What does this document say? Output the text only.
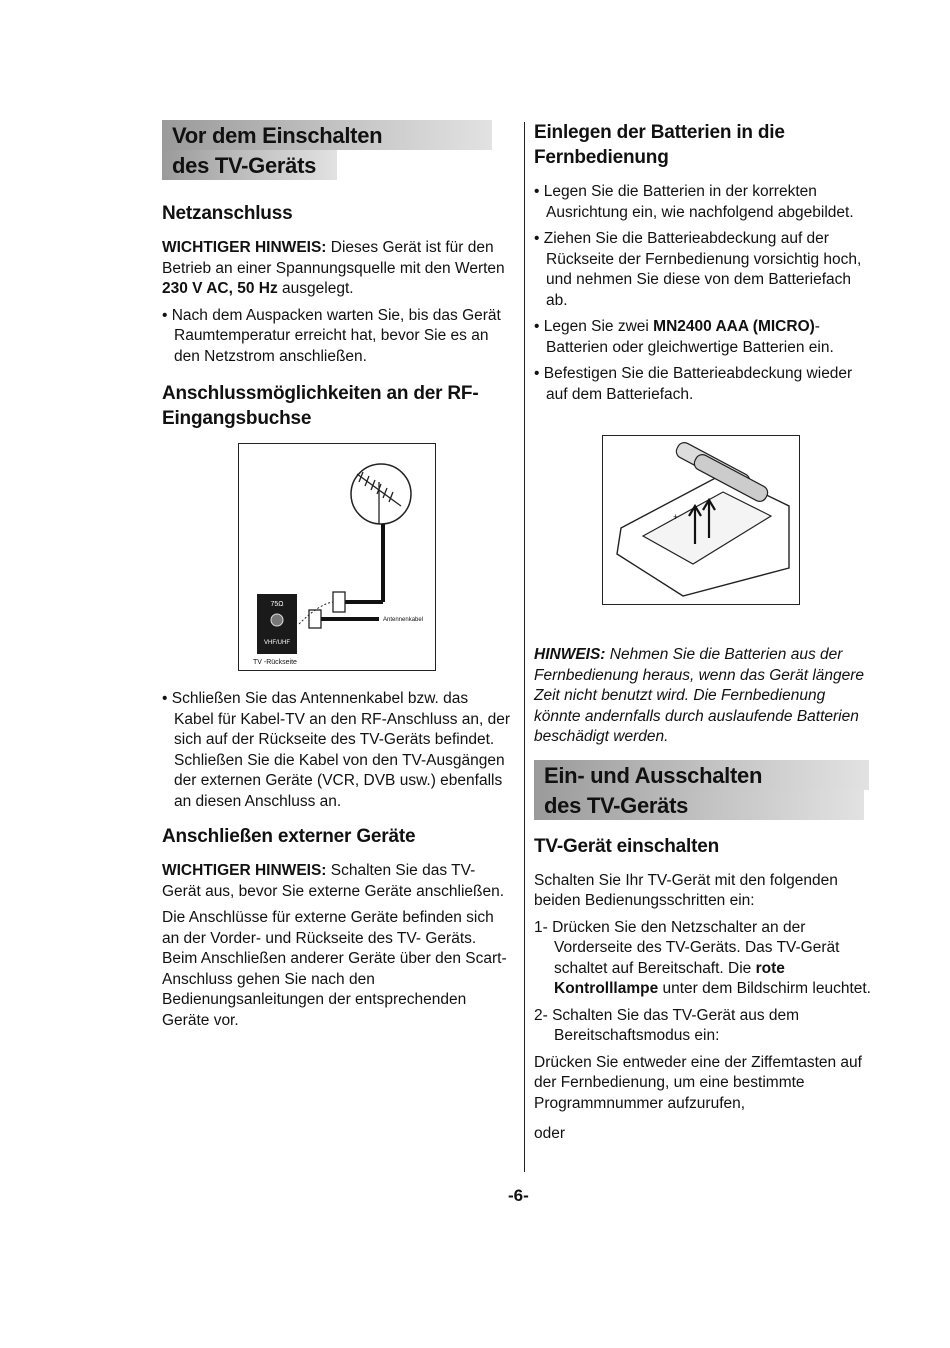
Vor dem Einschalten
des TV-Geräts
Netzanschluss

WICHTIGER HINWEIS: Dieses Gerät ist für den Betrieb an einer Spannungsquelle mit den Werten 230 V AC, 50 Hz ausgelegt.

• Nach dem Auspacken warten Sie, bis das Gerät Raumtemperatur erreicht hat, bevor Sie es an den Netzstrom anschließen.

Anschlussmöglichkeiten an der RF-Eingangsbuchse
75Ω
VHF/UHF
Antennenkabel
TV -Rückseite

• Schließen Sie das Antennenkabel bzw. das Kabel für Kabel-TV an den RF-Anschluss an, der sich auf der Rückseite des TV-Geräts befindet. Schließen Sie die Kabel von den TV-Ausgängen der externen Geräte (VCR, DVB usw.) ebenfalls an diesen Anschluss an.

Anschließen externer Geräte

WICHTIGER HINWEIS: Schalten Sie das TV-Gerät aus, bevor Sie externe Geräte anschließen.

Die Anschlüsse für externe Geräte befinden sich an der Vorder- und Rückseite des TV- Geräts. Beim Anschließen anderer Geräte über den Scart-Anschluss gehen Sie nach den Bedienungsanleitungen der entsprechenden Geräte vor.

Einlegen der Batterien in die Fernbedienung

• Legen Sie die Batterien in der korrekten Ausrichtung ein, wie nachfolgend abgebildet.

• Ziehen Sie die Batterieabdeckung auf der Rückseite der Fernbedienung vorsichtig hoch, und nehmen Sie diese von dem Batteriefach ab.

• Legen Sie zwei MN2400 AAA (MICRO)-Batterien oder gleichwertige Batterien ein.

• Befestigen Sie die Batterieabdeckung wieder auf dem Batteriefach.

+

HINWEIS: Nehmen Sie die Batterien aus der Fernbedienung heraus, wenn das Gerät längere Zeit nicht benutzt wird. Die Fernbedienung könnte andernfalls durch auslaufende Batterien beschädigt werden.

Ein- und Ausschalten
des TV-Geräts
TV-Gerät einschalten

Schalten Sie Ihr TV-Gerät mit den folgenden beiden Bedienungsschritten ein:

1- Drücken Sie den Netzschalter an der Vorderseite des TV-Geräts. Das TV-Gerät schaltet auf Bereitschaft. Die rote Kontrolllampe unter dem Bildschirm leuchtet.

2- Schalten Sie das TV-Gerät aus dem Bereitschaftsmodus ein:

Drücken Sie entweder eine der Ziffemtasten auf der Fernbedienung, um eine bestimmte Programmnummer aufzurufen,

oder

-6-
